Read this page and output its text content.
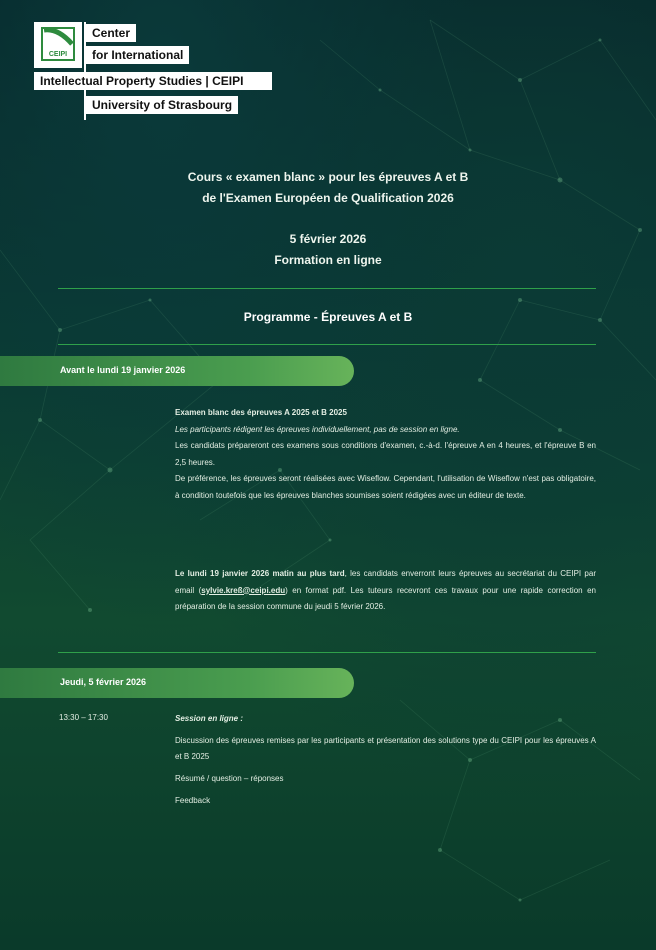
CEIPI
Center
for International
Intellectual Property Studies | CEIPI
University of Strasbourg
Cours « examen blanc » pour les épreuves A et B
de l'Examen Européen de Qualification 2026
5 février 2026
Formation en ligne
Programme - Épreuves A et B
Avant le lundi 19 janvier 2026
Examen blanc des épreuves A 2025 et B 2025
Les participants rédigent les épreuves individuellement, pas de session en ligne.
Les candidats prépareront ces examens sous conditions d'examen, c.-à-d. l'épreuve A en 4 heures, et l'épreuve B en 2,5 heures.
De préférence, les épreuves seront réalisées avec Wiseflow. Cependant, l'utilisation de Wiseflow n'est pas obligatoire, à condition toutefois que les épreuves blanches soumises soient rédigées avec un éditeur de texte.
Le lundi 19 janvier 2026 matin au plus tard, les candidats enverront leurs épreuves au secrétariat du CEIPI par email (sylvie.kreß@ceipi.edu) en format pdf. Les tuteurs recevront ces travaux pour une rapide correction en préparation de la session commune du jeudi 5 février 2026.
Jeudi, 5 février 2026
13:30 – 17:30	Session en ligne :

Discussion des épreuves remises par les participants et présentation des solutions type du CEIPI pour les épreuves A et B 2025

Résumé / question – réponses

Feedback
